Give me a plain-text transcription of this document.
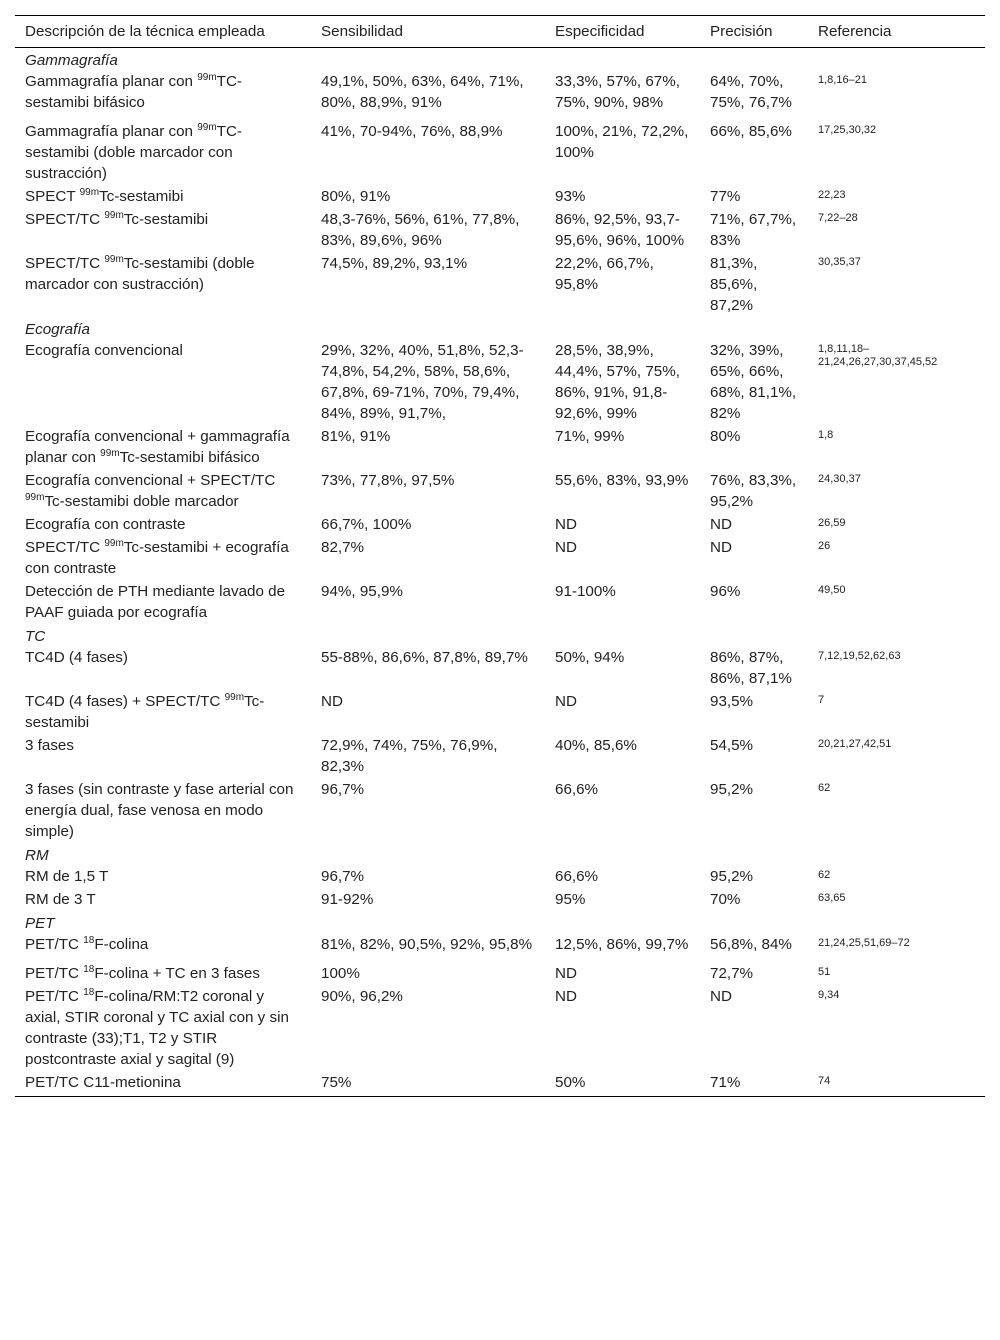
Descripción de la técnica empleada	Sensibilidad	Especificidad	Precisión	Referencia
Gammagrafía				
Gammagrafía planar con $^{99m}$TC-sestamibi bifásico	49,1%, 50%, 63%, 64%, 71%, 80%, 88,9%, 91%	33,3%, 57%, 67%, 75%, 90%, 98%	64%, 70%, 75%, 76,7%	1,8,16–21
Gammagrafía planar con $^{99m}$TC-sestamibi (doble marcador con sustracción)	41%, 70-94%, 76%, 88,9%	100%, 21%, 72,2%, 100%	66%, 85,6%	17,25,30,32
SPECT $^{99m}$Tc-sestamibi	80%, 91%	93%	77%	22,23
SPECT/TC $^{99m}$Tc-sestamibi	48,3-76%, 56%, 61%, 77,8%, 83%, 89,6%, 96%	86%, 92,5%, 93,7-95,6%, 96%, 100%	71%, 67,7%, 83%	7,22–28
SPECT/TC $^{99m}$Tc-sestamibi (doble marcador con sustracción)	74,5%, 89,2%, 93,1%	22,2%, 66,7%, 95,8%	81,3%, 85,6%, 87,2%	30,35,37
Ecografía				
Ecografía convencional	29%, 32%, 40%, 51,8%, 52,3-74,8%, 54,2%, 58%, 58,6%, 67,8%, 69-71%, 70%, 79,4%, 84%, 89%, 91,7%,	28,5%, 38,9%, 44,4%, 57%, 75%, 86%, 91%, 91,8-92,6%, 99%	32%, 39%, 65%, 66%, 68%, 81,1%, 82%	1,8,11,18–21,24,26,27,30,37,45,52
Ecografía convencional + gammagrafía planar con $^{99m}$Tc-sestamibi bifásico	81%, 91%	71%, 99%	80%	1,8
Ecografía convencional + SPECT/TC $^{99m}$Tc-sestamibi doble marcador	73%, 77,8%, 97,5%	55,6%, 83%, 93,9%	76%, 83,3%, 95,2%	24,30,37
Ecografía con contraste	66,7%, 100%	ND	ND	26,59
SPECT/TC $^{99m}$Tc-sestamibi + ecografía con contraste	82,7%	ND	ND	26
Detección de PTH mediante lavado de PAAF guiada por ecografía	94%, 95,9%	91-100%	96%	49,50
TC				
TC4D (4 fases)	55-88%, 86,6%, 87,8%, 89,7%	50%, 94%	86%, 87%, 86%, 87,1%	7,12,19,52,62,63
TC4D (4 fases) + SPECT/TC $^{99m}$Tc-sestamibi	ND	ND	93,5%	7
3 fases	72,9%, 74%, 75%, 76,9%, 82,3%	40%, 85,6%	54,5%	20,21,27,42,51
3 fases (sin contraste y fase arterial con energía dual, fase venosa en modo simple)	96,7%	66,6%	95,2%	62
RM				
RM de 1,5 T	96,7%	66,6%	95,2%	62
RM de 3 T	91-92%	95%	70%	63,65
PET				
PET/TC $^{18}$F-colina	81%, 82%, 90,5%, 92%, 95,8%	12,5%, 86%, 99,7%	56,8%, 84%	21,24,25,51,69–72
PET/TC $^{18}$F-colina + TC en 3 fases	100%	ND	72,7%	51
PET/TC $^{18}$F-colina/RM:T2 coronal y axial, STIR coronal y TC axial con y sin contraste (33);T1, T2 y STIR postcontraste axial y sagital (9)	90%, 96,2%	ND	ND	9,34
PET/TC C11-metionina	75%	50%	71%	74
